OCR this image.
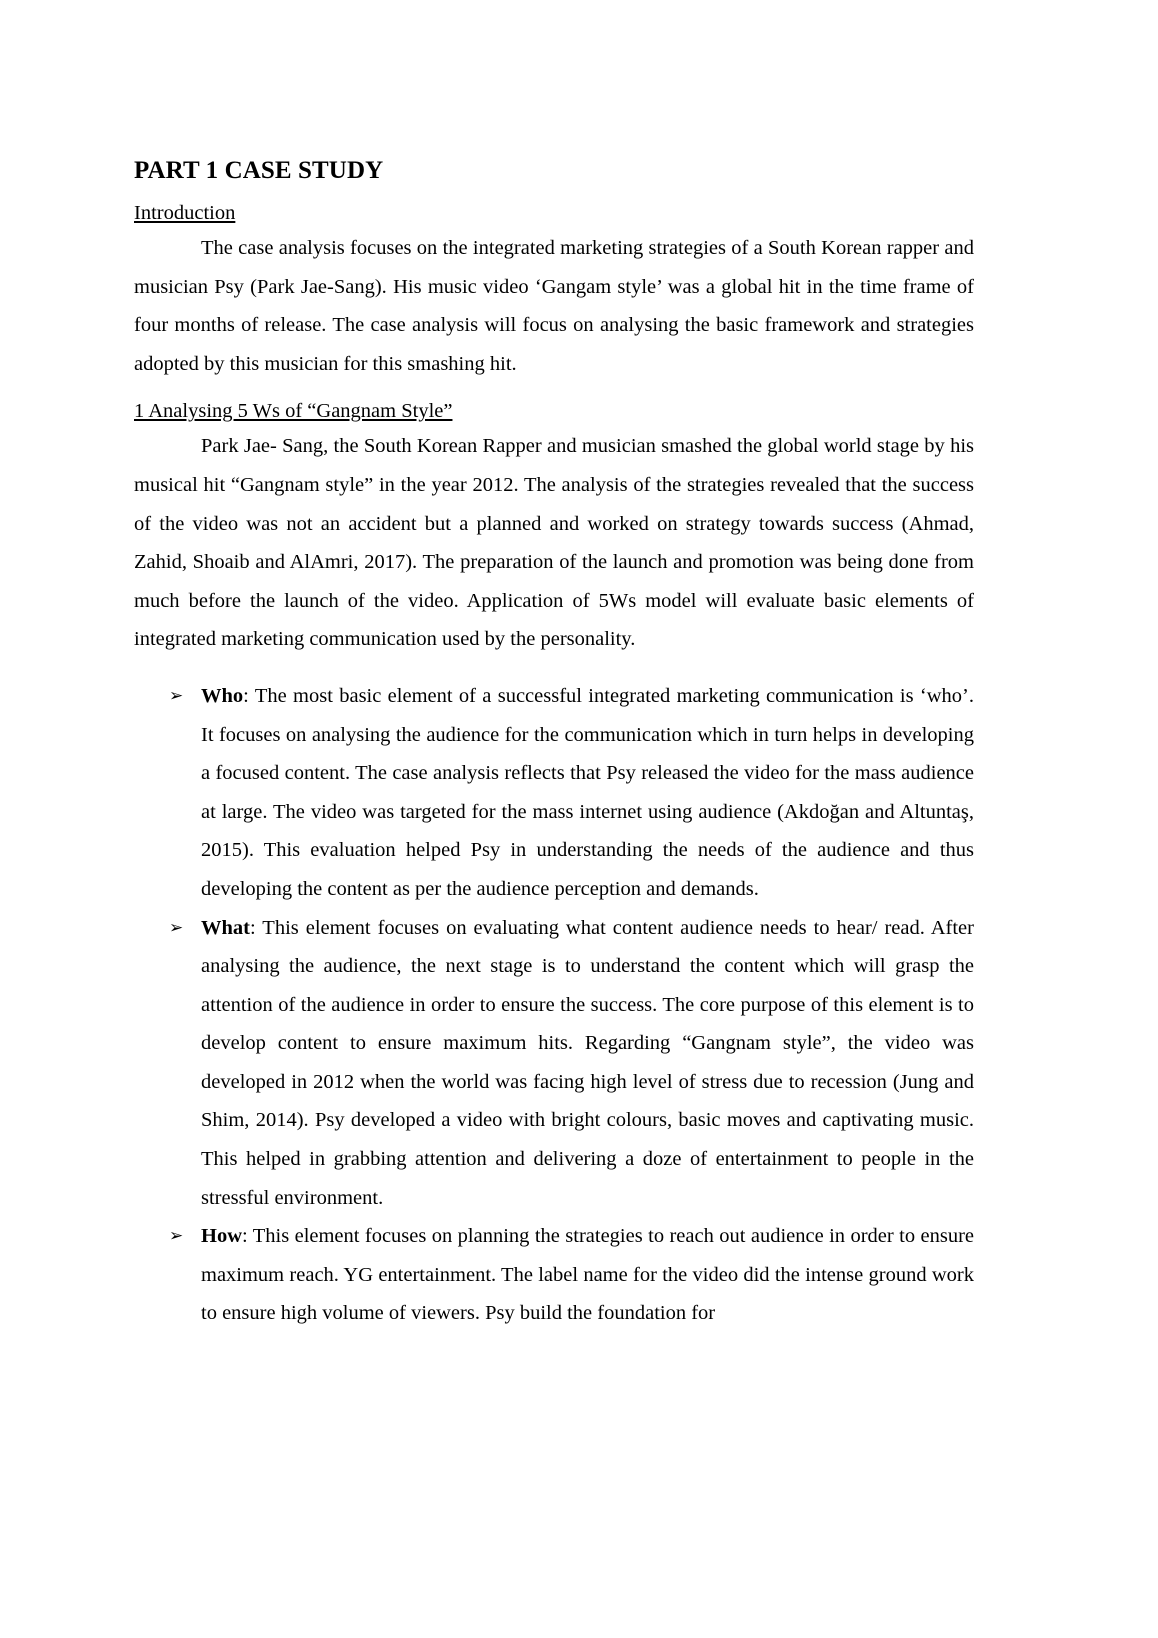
PART 1 CASE STUDY
Introduction

The case analysis focuses on the integrated marketing strategies of a South Korean rapper and musician Psy (Park Jae-Sang). His music video ‘Gangam style’ was a global hit in the time frame of four months of release. The case analysis will focus on analysing the basic framework and strategies adopted by this musician for this smashing hit.

1 Analysing 5 Ws of “Gangnam Style”

Park Jae- Sang, the South Korean Rapper and musician smashed the global world stage by his musical hit “Gangnam style” in the year 2012. The analysis of the strategies revealed that the success of the video was not an accident but a planned and worked on strategy towards success (Ahmad, Zahid, Shoaib and AlAmri, 2017). The preparation of the launch and promotion was being done from much before the launch of the video. Application of 5Ws model will evaluate basic elements of integrated marketing communication used by the personality.

➢ Who: The most basic element of a successful integrated marketing communication is ‘who’. It focuses on analysing the audience for the communication which in turn helps in developing a focused content. The case analysis reflects that Psy released the video for the mass audience at large. The video was targeted for the mass internet using audience (Akdoğan and Altuntaş, 2015). This evaluation helped Psy in understanding the needs of the audience and thus developing the content as per the audience perception and demands.
➢ What: This element focuses on evaluating what content audience needs to hear/ read. After analysing the audience, the next stage is to understand the content which will grasp the attention of the audience in order to ensure the success. The core purpose of this element is to develop content to ensure maximum hits. Regarding “Gangnam style”, the video was developed in 2012 when the world was facing high level of stress due to recession (Jung and Shim, 2014). Psy developed a video with bright colours, basic moves and captivating music. This helped in grabbing attention and delivering a doze of entertainment to people in the stressful environment.
➢ How: This element focuses on planning the strategies to reach out audience in order to ensure maximum reach. YG entertainment. The label name for the video did the intense ground work to ensure high volume of viewers. Psy build the foundation for
